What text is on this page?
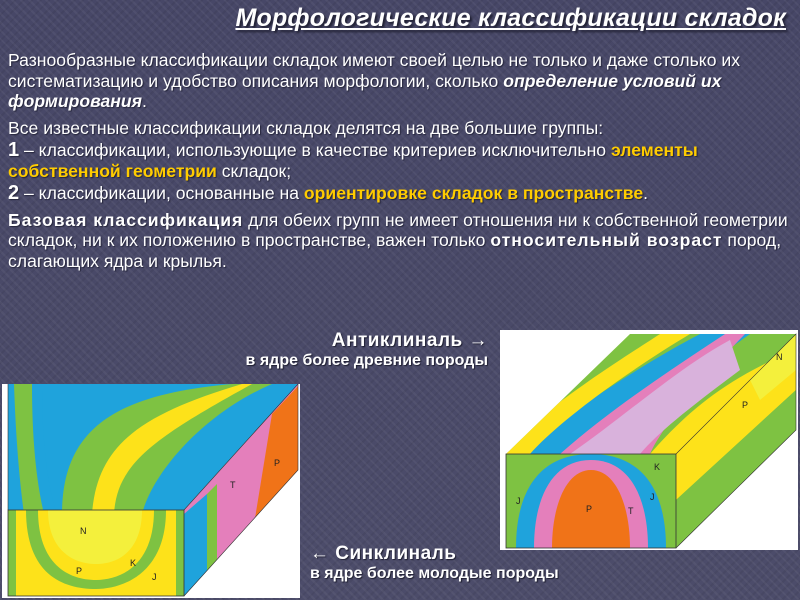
Морфологические классификации складок

Разнообразные классификации складок имеют своей целью не только и даже столько их систематизацию и удобство описания морфологии, сколько определение условий их формирования.

Все известные классификации складок делятся на две большие группы:

1 – классификации, использующие в качестве критериев исключительно элементы собственной геометрии складок;

2 – классификации, основанные на ориентировке складок в пространстве.

Базовая классификация для обеих групп не имеет отношения ни к собственной геометрии складок, ни к их положению в пространстве, важен только относительный возраст пород, слагающих ядра и крылья.

Антиклиналь →
в ядре более древние породы
← Синклиналь
в ядре более молодые породы
N
Р
K
J
T
P
N
Р
K
J	J
P	T
